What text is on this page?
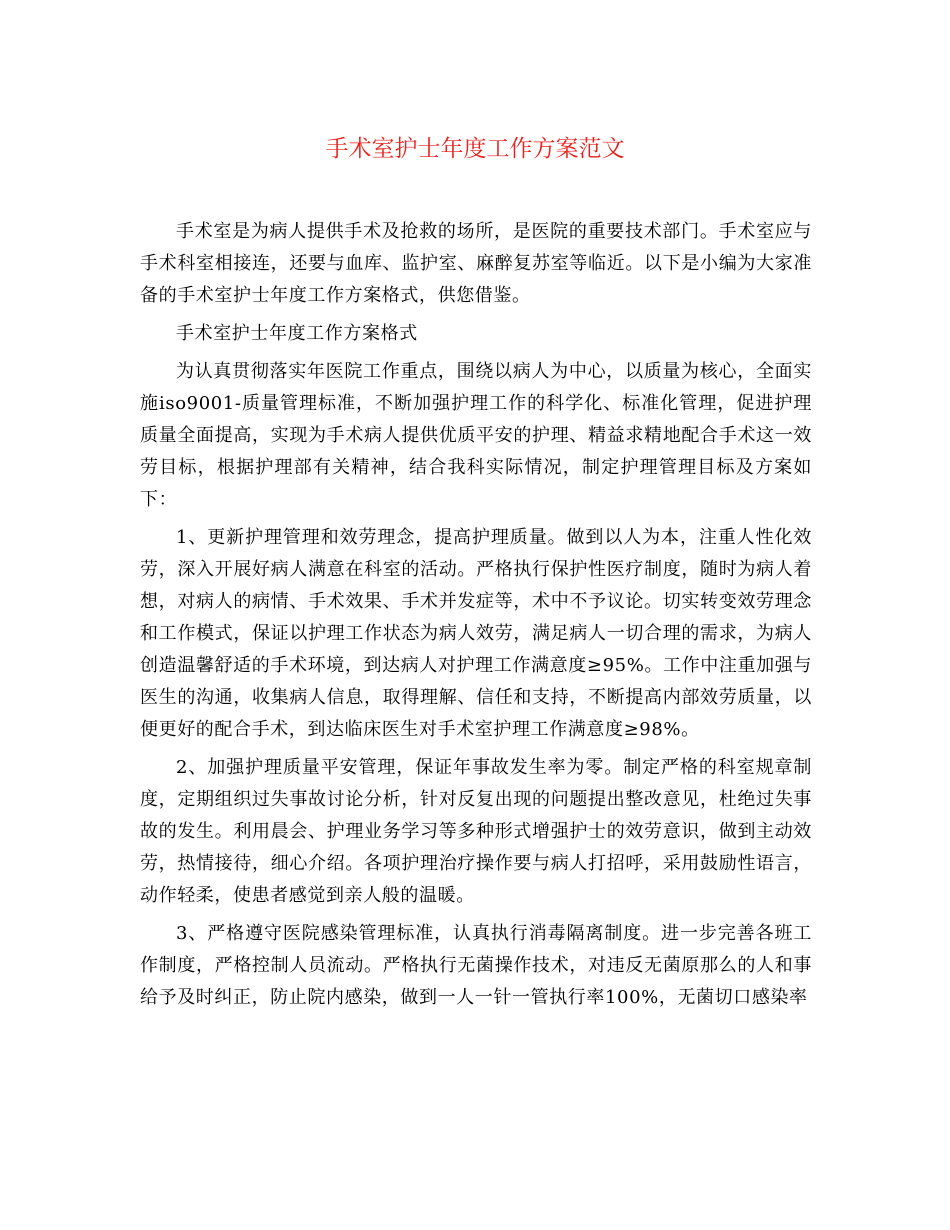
手术室护士年度工作方案范文

手术室是为病人提供手术及抢救的场所，是医院的重要技术部门。手术室应与手术科室相接连，还要与血库、监护室、麻醉复苏室等临近。以下是小编为大家准备的手术室护士年度工作方案格式，供您借鉴。

手术室护士年度工作方案格式

为认真贯彻落实年医院工作重点，围绕以病人为中心，以质量为核心，全面实施iso9001-质量管理标准，不断加强护理工作的科学化、标准化管理，促进护理质量全面提高，实现为手术病人提供优质平安的护理、精益求精地配合手术这一效劳目标，根据护理部有关精神，结合我科实际情况，制定护理管理目标及方案如下：

1、更新护理管理和效劳理念，提高护理质量。做到以人为本，注重人性化效劳，深入开展好病人满意在科室的活动。严格执行保护性医疗制度，随时为病人着想，对病人的病情、手术效果、手术并发症等，术中不予议论。切实转变效劳理念和工作模式，保证以护理工作状态为病人效劳，满足病人一切合理的需求，为病人创造温馨舒适的手术环境，到达病人对护理工作满意度≥95%。工作中注重加强与医生的沟通，收集病人信息，取得理解、信任和支持，不断提高内部效劳质量，以便更好的配合手术，到达临床医生对手术室护理工作满意度≥98%。

2、加强护理质量平安管理，保证年事故发生率为零。制定严格的科室规章制度，定期组织过失事故讨论分析，针对反复出现的问题提出整改意见，杜绝过失事故的发生。利用晨会、护理业务学习等多种形式增强护士的效劳意识，做到主动效劳，热情接待，细心介绍。各项护理治疗操作要与病人打招呼，采用鼓励性语言，动作轻柔，使患者感觉到亲人般的温暖。

3、严格遵守医院感染管理标准，认真执行消毒隔离制度。进一步完善各班工作制度，严格控制人员流动。严格执行无菌操作技术，对违反无菌原那么的人和事给予及时纠正，防止院内感染，做到一人一针一管执行率100%，无菌切口感染率
